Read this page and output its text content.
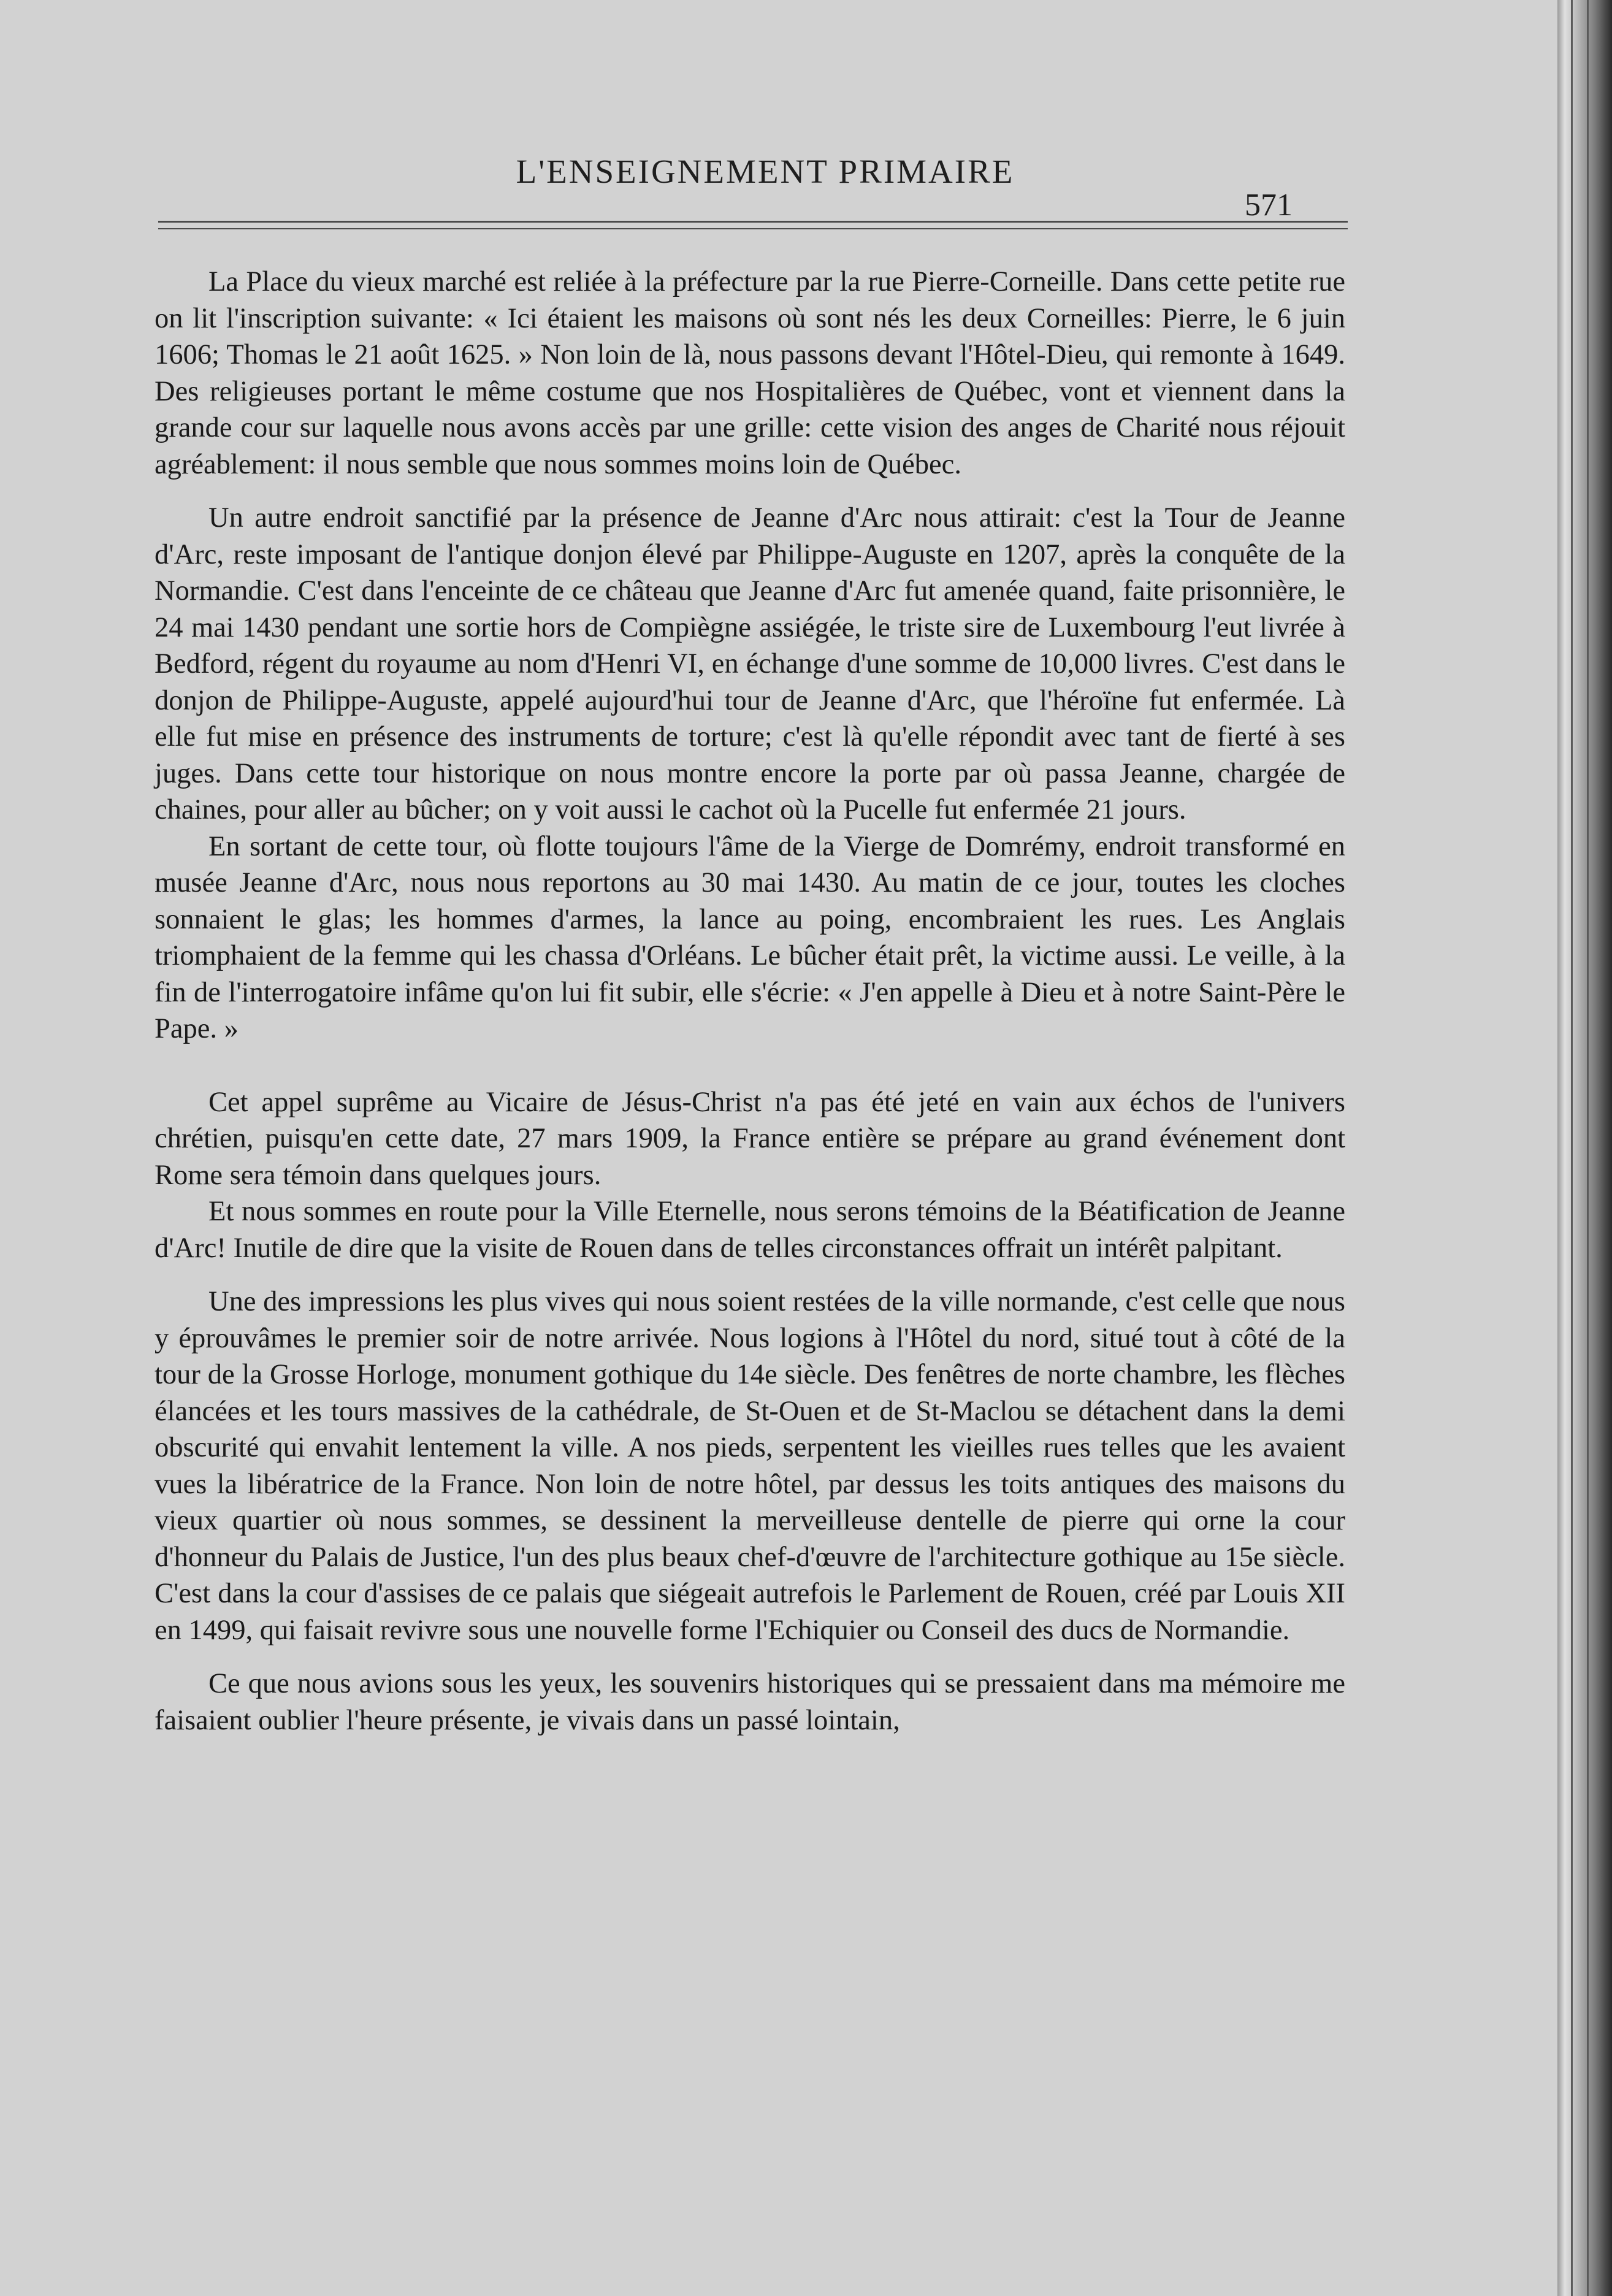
L'ENSEIGNEMENT PRIMAIRE
571

La Place du vieux marché est reliée à la préfecture par la rue Pierre-Corneille. Dans cette petite rue on lit l'inscription suivante: « Ici étaient les maisons où sont nés les deux Corneilles: Pierre, le 6 juin 1606; Thomas le 21 août 1625. » Non loin de là, nous passons devant l'Hôtel-Dieu, qui remonte à 1649. Des religieuses portant le même costume que nos Hospitalières de Québec, vont et viennent dans la grande cour sur laquelle nous avons accès par une grille: cette vision des anges de Charité nous réjouit agréablement: il nous semble que nous sommes moins loin de Québec.

Un autre endroit sanctifié par la présence de Jeanne d'Arc nous attirait: c'est la Tour de Jeanne d'Arc, reste imposant de l'antique donjon élevé par Philippe-Auguste en 1207, après la conquête de la Normandie. C'est dans l'enceinte de ce château que Jeanne d'Arc fut amenée quand, faite prisonnière, le 24 mai 1430 pendant une sortie hors de Compiègne assiégée, le triste sire de Luxembourg l'eut livrée à Bedford, régent du royaume au nom d'Henri VI, en échange d'une somme de 10,000 livres. C'est dans le donjon de Philippe-Auguste, appelé aujourd'hui tour de Jeanne d'Arc, que l'héroïne fut enfermée. Là elle fut mise en présence des instruments de torture; c'est là qu'elle répondit avec tant de fierté à ses juges. Dans cette tour historique on nous montre encore la porte par où passa Jeanne, chargée de chaines, pour aller au bûcher; on y voit aussi le cachot où la Pucelle fut enfermée 21 jours.

En sortant de cette tour, où flotte toujours l'âme de la Vierge de Domrémy, endroit transformé en musée Jeanne d'Arc, nous nous reportons au 30 mai 1430. Au matin de ce jour, toutes les cloches sonnaient le glas; les hommes d'armes, la lance au poing, encombraient les rues. Les Anglais triomphaient de la femme qui les chassa d'Orléans. Le bûcher était prêt, la victime aussi. Le veille, à la fin de l'interrogatoire infâme qu'on lui fit subir, elle s'écrie: « J'en appelle à Dieu et à notre Saint-Père le Pape. »

Cet appel suprême au Vicaire de Jésus-Christ n'a pas été jeté en vain aux échos de l'univers chrétien, puisqu'en cette date, 27 mars 1909, la France entière se prépare au grand événement dont Rome sera témoin dans quelques jours.

Et nous sommes en route pour la Ville Eternelle, nous serons témoins de la Béatification de Jeanne d'Arc! Inutile de dire que la visite de Rouen dans de telles circonstances offrait un intérêt palpitant.

Une des impressions les plus vives qui nous soient restées de la ville normande, c'est celle que nous y éprouvâmes le premier soir de notre arrivée. Nous logions à l'Hôtel du nord, situé tout à côté de la tour de la Grosse Horloge, monument gothique du 14e siècle. Des fenêtres de norte chambre, les flèches élancées et les tours massives de la cathédrale, de St-Ouen et de St-Maclou se détachent dans la demi obscurité qui envahit lentement la ville. A nos pieds, serpentent les vieilles rues telles que les avaient vues la libératrice de la France. Non loin de notre hôtel, par dessus les toits antiques des maisons du vieux quartier où nous sommes, se dessinent la merveilleuse dentelle de pierre qui orne la cour d'honneur du Palais de Justice, l'un des plus beaux chef-d'œuvre de l'architecture gothique au 15e siècle. C'est dans la cour d'assises de ce palais que siégeait autrefois le Parlement de Rouen, créé par Louis XII en 1499, qui faisait revivre sous une nouvelle forme l'Echiquier ou Conseil des ducs de Normandie.

Ce que nous avions sous les yeux, les souvenirs historiques qui se pressaient dans ma mémoire me faisaient oublier l'heure présente, je vivais dans un passé lointain,
